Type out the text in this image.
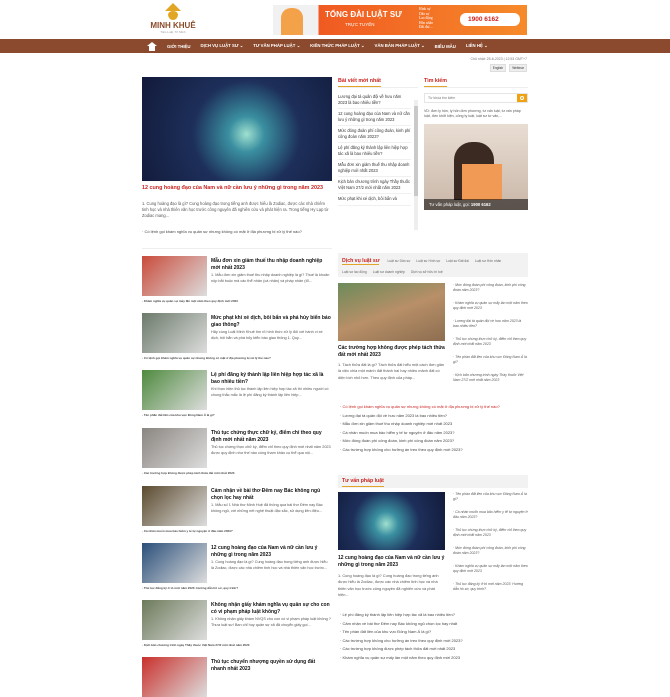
MINH KHUÊ
Tâm Luật, Trí Minh
TỔNG ĐÀI LUẬT SƯ
TRỰC TUYẾN
Hình sự
Dân sự
Lao động
Hôn nhân
Đất đai ...
1900 6162
GIỚI THIỆU DỊCH VỤ LUẬT SƯ ⌄ TƯ VẤN PHÁP LUẬT ⌄ KIẾN THỨC PHÁP LUẬT ⌄ VĂN BẢN PHÁP LUẬT ⌄ BIỂU MẪU LIÊN HỆ ⌄
Chủ nhật: 25-6-2023 | 12:53 GMT+7
English	Webinar
12 cung hoàng đạo của Nam và nữ cần lưu ý những gì trong năm 2023
1. Cung hoàng đạo là gì? Cung hoàng đạo trong tiếng anh được hiểu là Zodiac, được các nhà chiêm tinh học và nhà thiên văn học trước công nguyên đã nghiên cứu và phát hiện ra. Trong tiếng Hy Lạp từ Zodiac mang...
· Có lệnh gọi khám nghĩa vụ quân sự nhưng không có mặt ở địa phương bị xử lý thế nào?
Mẫu đơn xin giảm thuế thu nhập doanh nghiệp mới nhất 2023
1. Mẫu đơn xin giảm thuế thu nhập doanh nghiệp là gì? Thuế là khoản nộp bắt buộc mà các thể nhân (cá nhân) và pháp nhân (tổ...
· Khám nghĩa vụ quân sự mấy lần một năm theo quy định mới 2023
Mức phạt khi xé dịch, bôi bẩn và phá hủy biển báo giao thông?
Hãy cùng Luật Minh Khuê tìm rõ hình thức xử lý đối với hành vi xé dịch, bôi bẩn và phá hủy biển báo giao thông 1. Quy...
· Có lệnh gọi khám nghĩa vụ quân sự nhưng không có mặt ở địa phương bị xử lý thế nào?
Lệ phí đăng ký thành lập liên hiệp hợp tác xã là bao nhiêu tiền?
Khi thực hiện thủ tục thành lập liên hiệp hợp tác xã thì nhiều người có chung thắc mắc là lệ phí đăng ký thành lập liên hiệp...
· Tên phần đất liền của khu vực Đông Nam Á là gì?
Thủ tục chứng thực chữ ký, điểm chỉ theo quy định mới nhất năm 2023
Thủ tục chứng thực chữ ký, điểm chỉ theo quy định mới nhất năm 2023 được quy định như thế nào cùng tham khảo cụ thể qua nội...
· Các trường hợp không được phép tách thửa đất mới nhất 2023
Cảm nhận về bài thơ Đêm nay Bác không ngủ chọn lọc hay nhất
1. Mẫu số 1 Nhà thơ Minh Huệ đã thông qua bài thơ Đêm nay Bác không ngủ, với những nét nghệ thuật đặc sắc, sử dụng liên điệu...
· Cá nhân muốn mua bảo hiểm y tế tự nguyện ở đâu năm 2023?
12 cung hoàng đạo của Nam và nữ cần lưu ý những gì trong năm 2023
1. Cung hoàng đạo là gì? Cung hoàng đạo trong tiếng anh được hiểu là Zodiac, được các nhà chiêm tinh học và nhà thiên văn học trước...
· Thủ tục đăng ký ở tô mới năm 2023: Hướng dẫn hồ sơ, quy trình?
Không nhận giấy khám nghĩa vụ quân sự cho con có vi phạm pháp luật không?
1. Không nhận giấy khám NVQS cho con có vi phạm pháp luật không ? Thưa luật sư! Ban chỉ huy quân sự xã đã chuyển giấy gọi...
· Kịch bản chương trình ngày Thầy thuốc Việt Nam 27/2 mới nhất năm 2023
Thủ tục chuyển nhượng quyền sử dụng đất nhanh nhất 2023
Bài viết mới nhất
Lương đại tá quân đội về hưu năm 2023 là bao nhiêu tiền?
12 cung hoàng đạo của Nam và nữ cần lưu ý những gì trong năm 2023
Mức đóng đoàn phí công đoàn, kinh phí công đoàn năm 2023?
Lệ phí đăng ký thành lập liên hiệp hợp tác xã là bao nhiêu tiền?
Mẫu đơn xin giảm thuế thu nhập doanh nghiệp mới nhất 2023
Kịch bản chương trình ngày Thầy thuốc Việt Nam 27/2 mới nhất năm 2023
Mức phạt khi xé dịch, bôi bẩn và
Tìm kiếm
Từ khóa tìm kiếm
VD: đơn ly hôn, ly hôn đơn phương, tư vấn luật, tư vấn pháp luật, đơn khởi kiện, công ty luật, luật sư tư vấn,...
Tư vấn pháp luật, gọi: 1900 6162
Dịch vụ luật sư Luật sư Dân sự Luật sư Hình sự Luật sư Đất đai Luật sư Hôn nhân
Luật sư lao động Luật sư doanh nghiệp Dịch vụ sở hữu trí tuệ
Các trường hợp không được phép tách thửa đất mới nhất 2023
1. Tách thửa đất là gì? Tách thửa đất hiểu một cách đơn giản là việc chia một mảnh đất thành hai hay nhiều mảnh đất có diện tích nhỏ hơn. Theo quy định của pháp...
· Mức đóng đoàn phí công đoàn, kinh phí công đoàn năm 2023?
· Khám nghĩa vụ quân sự mấy lần một năm theo quy định mới 2023
· Lương đại tá quân đội về hưu năm 2023 là bao nhiêu tiền?
· Thủ tục chứng thực chữ ký, điểm chỉ theo quy định mới nhất năm 2023
· Tên phần đất liền của khu vực Đông Nam Á là gì?
· Kịch bản chương trình ngày Thầy thuốc Việt Nam 27/2 mới nhất năm 2023
· Có lệnh gọi khám nghĩa vụ quân sự nhưng không có mặt ở địa phương bị xử lý thế nào?
· Lương đại tá quân đội về hưu năm 2023 là bao nhiêu tiền?
· Mẫu đơn xin giảm thuế thu nhập doanh nghiệp mới nhất 2023
· Cá nhân muốn mua bảo hiểm y tế tự nguyện ở đâu năm 2023?
· Mức đóng đoàn phí công đoàn, kinh phí công đoàn năm 2023?
· Các trường hợp không cho hưởng án treo theo quy định mới 2023?
Tư vấn pháp luật
12 cung hoàng đạo của Nam và nữ cần lưu ý những gì trong năm 2023
1. Cung hoàng đạo là gì? Cung hoàng đạo trong tiếng anh được hiểu là Zodiac, được các nhà chiêm tinh học và nhà thiên văn học trước công nguyên đã nghiên cứu và phát hiện...
· Tên phần đất liền của khu vực Đông Nam Á là gì?
· Cá nhân muốn mua bảo hiểm y tế tự nguyện ở đâu năm 2023?
· Thủ tục chứng thực chữ ký, điểm chỉ theo quy định mới nhất năm 2023
· Mức đóng đoàn phí công đoàn, kinh phí công đoàn năm 2023?
· Khám nghĩa vụ quân sự mấy lần một năm theo quy định mới 2023
· Thủ tục đăng ký ở tô mới năm 2023: Hướng dẫn hồ sơ, quy trình?
· Lệ phí đăng ký thành lập liên hiệp hợp tác xã là bao nhiêu tiền?
· Cảm nhận về bài thơ Đêm nay Bác không ngủ chọn lọc hay nhất
· Tên phần đất liền của khu vực Đông Nam Á là gì?
· Các trường hợp không cho hưởng án treo theo quy định mới 2023?
· Các trường hợp không được phép tách thửa đất mới nhất 2023
· Khám nghĩa vụ quân sự mấy lần một năm theo quy định mới 2023
